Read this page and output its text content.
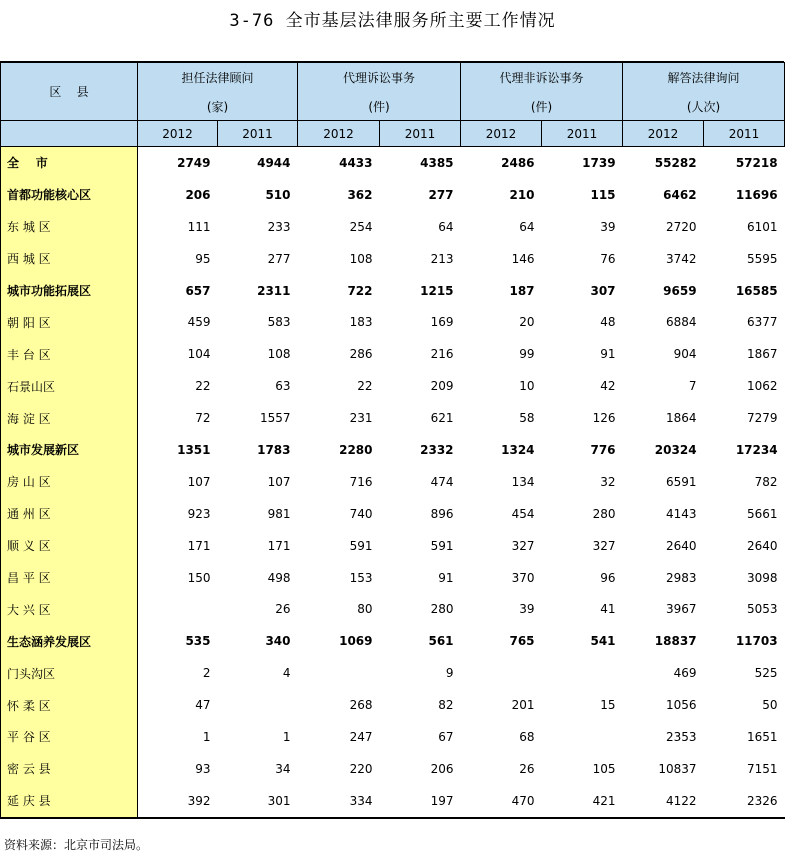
3-76 全市基层法律服务所主要工作情况
区    县	担任法律顾问		代理诉讼事务		代理非诉讼事务		解答法律询问	
	(家)		(件)		(件)		(人次)	
	2012	2011	2012	2011	2012	2011	2012	2011
全    市	2749	4944	4433	4385	2486	1739	55282	57218
首都功能核心区	206	510	362	277	210	115	6462	11696
东 城 区	111	233	254	64	64	39	2720	6101
西 城 区	95	277	108	213	146	76	3742	5595
城市功能拓展区	657	2311	722	1215	187	307	9659	16585
朝 阳 区	459	583	183	169	20	48	6884	6377
丰 台 区	104	108	286	216	99	91	904	1867
石景山区	22	63	22	209	10	42	7	1062
海 淀 区	72	1557	231	621	58	126	1864	7279
城市发展新区	1351	1783	2280	2332	1324	776	20324	17234
房 山 区	107	107	716	474	134	32	6591	782
通 州 区	923	981	740	896	454	280	4143	5661
顺 义 区	171	171	591	591	327	327	2640	2640
昌 平 区	150	498	153	91	370	96	2983	3098
大 兴 区		26	80	280	39	41	3967	5053
生态涵养发展区	535	340	1069	561	765	541	18837	11703
门头沟区	2	4		9			469	525
怀 柔 区	47		268	82	201	15	1056	50
平 谷 区	1	1	247	67	68		2353	1651
密 云 县	93	34	220	206	26	105	10837	7151
延 庆 县	392	301	334	197	470	421	4122	2326
资料来源：北京市司法局。
